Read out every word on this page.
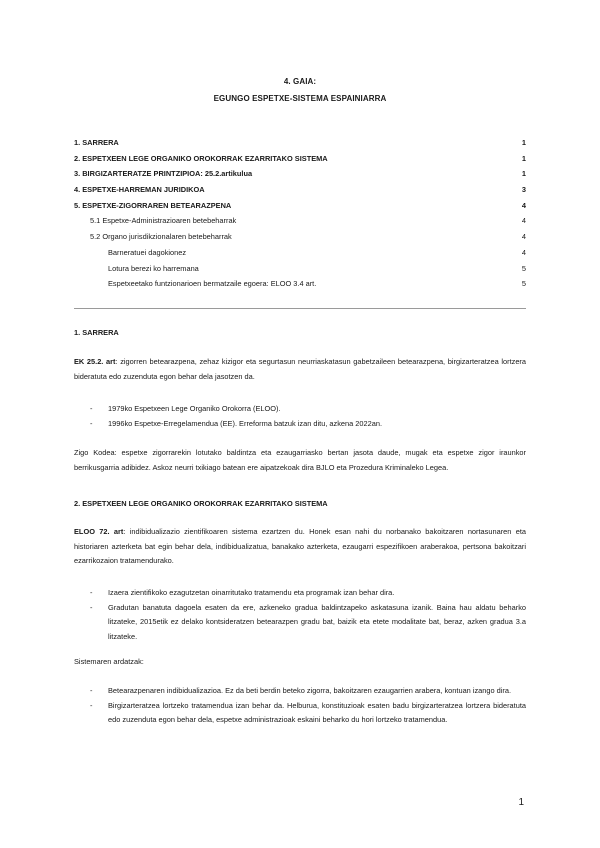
4. GAIA:
EGUNGO ESPETXE-SISTEMA ESPAINIARRA
1. SARRERA	1
2. ESPETXEEN LEGE ORGANIKO OROKORRAK EZARRITAKO SISTEMA	1
3. BIRGIZARTERATZE PRINTZIPIOA: 25.2.artikulua	1
4. ESPETXE-HARREMAN JURIDIKOA	3
5. ESPETXE-ZIGORRAREN BETEARAZPENA	4
5.1 Espetxe-Administrazioaren betebeharrak	4
5.2 Organo jurisdikzionalaren betebeharrak	4
Barneratuei dagokionez	4
Lotura berezi ko harremana	5
Espetxeetako funtzionarioen bermatzaile egoera: ELOO 3.4 art.	5
1. SARRERA
EK 25.2. art: zigorren betearazpena, zehaz kizigor eta segurtasun neurriaskatasun gabetzaileen betearazpena, birgizarteratzea lortzera bideratuta edo zuzenduta egon behar dela jasotzen da.
- 1979ko Espetxeen Lege Organiko Orokorra (ELOO).
- 1996ko Espetxe-Erregelamendua (EE). Erreforma batzuk izan ditu, azkena 2022an.
Zigo Kodea: espetxe zigorrarekin lotutako baldintza eta ezaugarriasko bertan jasota daude, mugak eta espetxe zigor iraunkor berrikusgarria adibidez. Askoz neurri txikiago batean ere aipatzekoak dira BJLO eta Prozedura Kriminaleko Legea.
2. ESPETXEEN LEGE ORGANIKO OROKORRAK EZARRITAKO SISTEMA
ELOO 72. art: indibidualizazio zientifikoaren sistema ezartzen du. Honek esan nahi du norbanako bakoitzaren nortasunaren eta historiaren azterketa bat egin behar dela, indibidualizatua, banakako azterketa, ezaugarri espezifikoen araberakoa, pertsona bakoitzari ezarrikozaion tratamendurako.
- Izaera zientifikoko ezagutzetan oinarritutako tratamendu eta programak izan behar dira.
- Gradutan banatuta dagoela esaten da ere, azkeneko gradua baldintzapeko askatasuna izanik. Baina hau aldatu beharko litzateke, 2015etik ez delako kontsideratzen betearazpen gradu bat, baizik eta etete modalitate bat, beraz, azken gradua 3.a litzateke.
Sistemaren ardatzak:
- Betearazpenaren indibidualizazioa. Ez da beti berdin beteko zigorra, bakoitzaren ezaugarrien arabera, kontuan izango dira.
- Birgizarteratzea lortzeko tratamendua izan behar da. Helburua, konstituzioak esaten badu birgizarteratzea lortzera bideratuta edo zuzenduta egon behar dela, espetxe administrazioak eskaini beharko du hori lortzeko tratamendua.
1
